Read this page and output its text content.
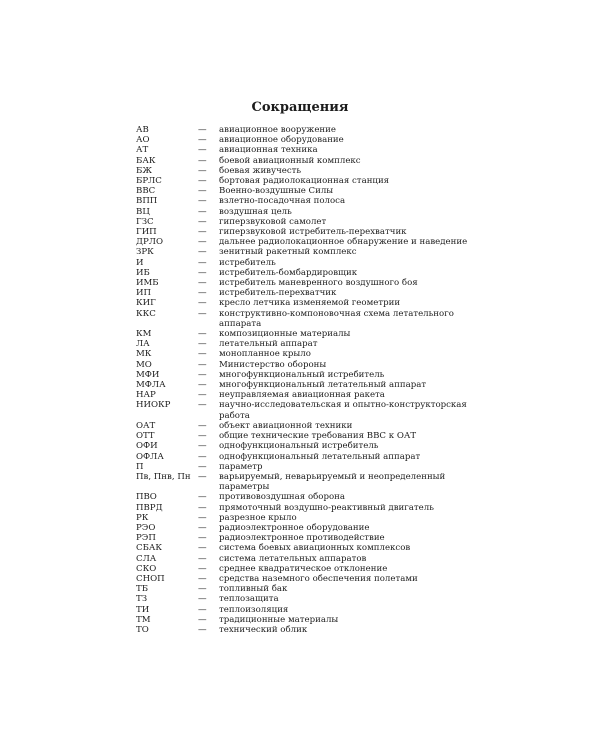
Сокращения
АВ	—	авиационное вооружение
АО	—	авиационное оборудование
АТ	—	авиационная техника
БАК	—	боевой авиационный комплекс
БЖ	—	боевая живучесть
БРЛС	—	бортовая радиолокационная станция
ВВС	—	Военно-воздушные Силы
ВПП	—	взлетно-посадочная полоса
ВЦ	—	воздушная цель
ГЗС	—	гиперзвуковой самолет
ГИП	—	гиперзвуковой истребитель-перехватчик
ДРЛО	—	дальнее радиолокационное обнаружение и наведение
ЗРК	—	зенитный ракетный комплекс
И	—	истребитель
ИБ	—	истребитель-бомбардировщик
ИМБ	—	истребитель маневренного воздушного боя
ИП	—	истребитель-перехватчик
КИГ	—	кресло летчика изменяемой геометрии
ККС	—	конструктивно-компоновочная схема летательного
аппарата
КМ	—	композиционные материалы
ЛА	—	летательный аппарат
МК	—	монопланное крыло
МО	—	Министерство обороны
МФИ	—	многофункциональный истребитель
МФЛА	—	многофункциональный летательный аппарат
НАР	—	неуправляемая авиационная ракета
НИОКР	—	научно-исследовательская и опытно-конструкторская
работа
ОАТ	—	объект авиационной техники
ОТТ	—	общие технические требования ВВС к ОАТ
ОФИ	—	однофункциональный истребитель
ОФЛА	—	однофункциональный летательный аппарат
П	—	параметр
Пв, Пнв, Пн —	варьируемый, неварьируемый и неопределенный параметры
ПВО	—	противовоздушная оборона
ПВРД	—	прямоточный воздушно-реактивный двигатель
РК	—	разрезное крыло
РЭО	—	радиоэлектронное оборудование
РЭП	—	радиоэлектронное противодействие
СБАК	—	система боевых авиационных комплексов
СЛА	—	система летательных аппаратов
СКО	—	среднее квадратическое отклонение
СНОП	—	средства наземного обеспечения полетами
ТБ	—	топливный бак
ТЗ	—	теплозащита
ТИ	—	теплоизоляция
ТМ	—	традиционные материалы
ТО	—	технический облик
